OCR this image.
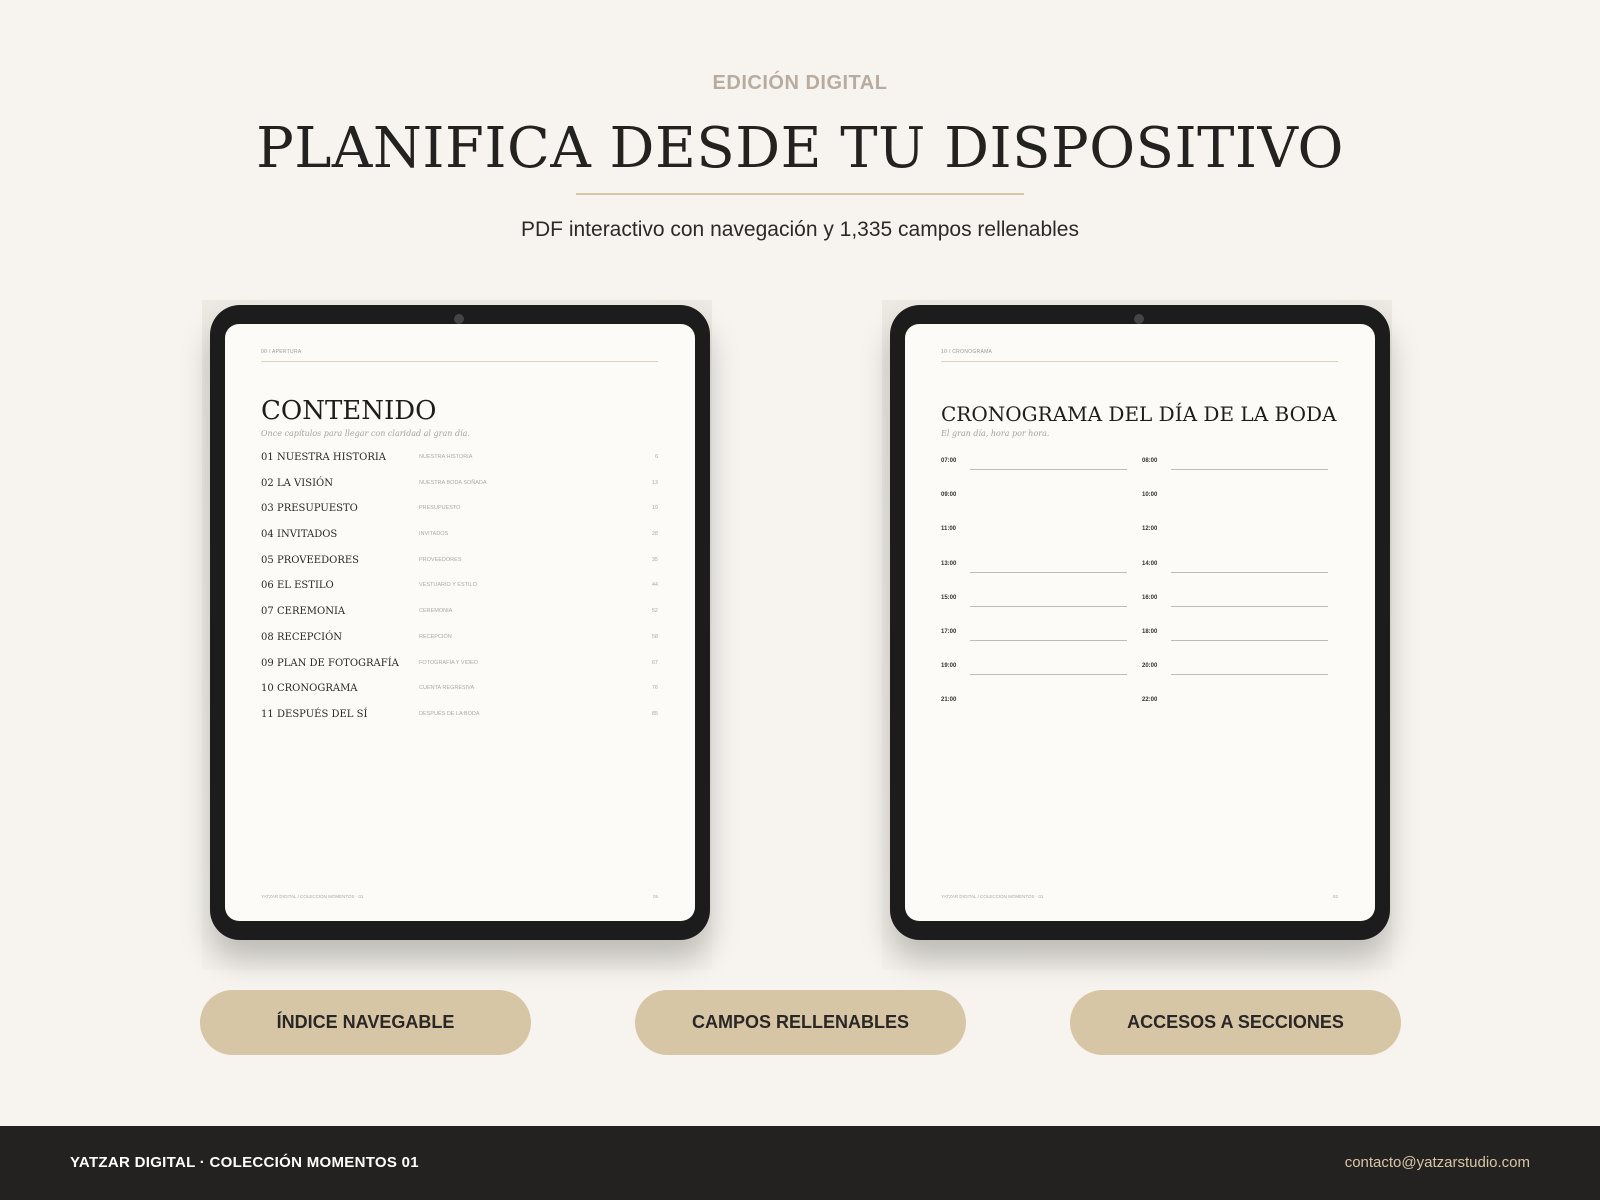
EDICIÓN DIGITAL
PLANIFICA DESDE TU DISPOSITIVO
PDF interactivo con navegación y 1,335 campos rellenables
00 / APERTURA
CONTENIDO
Once capítulos para llegar con claridad al gran día.
01 NUESTRA HISTORIA	NUESTRA HISTORIA	6
02 LA VISIÓN	NUESTRA BODA SOÑADA	13
03 PRESUPUESTO	PRESUPUESTO	19
04 INVITADOS	INVITADOS	28
05 PROVEEDORES	PROVEEDORES	35
06 EL ESTILO	VESTUARIO Y ESTILO	44
07 CEREMONIA	CEREMONIA	52
08 RECEPCIÓN	RECEPCIÓN	58
09 PLAN DE FOTOGRAFÍA	FOTOGRAFÍA Y VIDEO	67
10 CRONOGRAMA	CUENTA REGRESIVA	76
11 DESPUÉS DEL SÍ	DESPUÉS DE LA BODA	85
YATZAR DIGITAL / COLECCIÓN MOMENTOS · 01	05
10 / CRONOGRAMA
CRONOGRAMA DEL DÍA DE LA BODA
El gran día, hora por hora.
07:00	08:00
09:00	10:00
11:00	12:00
13:00	14:00
15:00	16:00
17:00	18:00
19:00	20:00
21:00	22:00
YATZAR DIGITAL / COLECCIÓN MOMENTOS · 01	82
ÍNDICE NAVEGABLE	CAMPOS RELLENABLES	ACCESOS A SECCIONES
YATZAR DIGITAL · COLECCIÓN MOMENTOS 01	contacto@yatzarstudio.com
